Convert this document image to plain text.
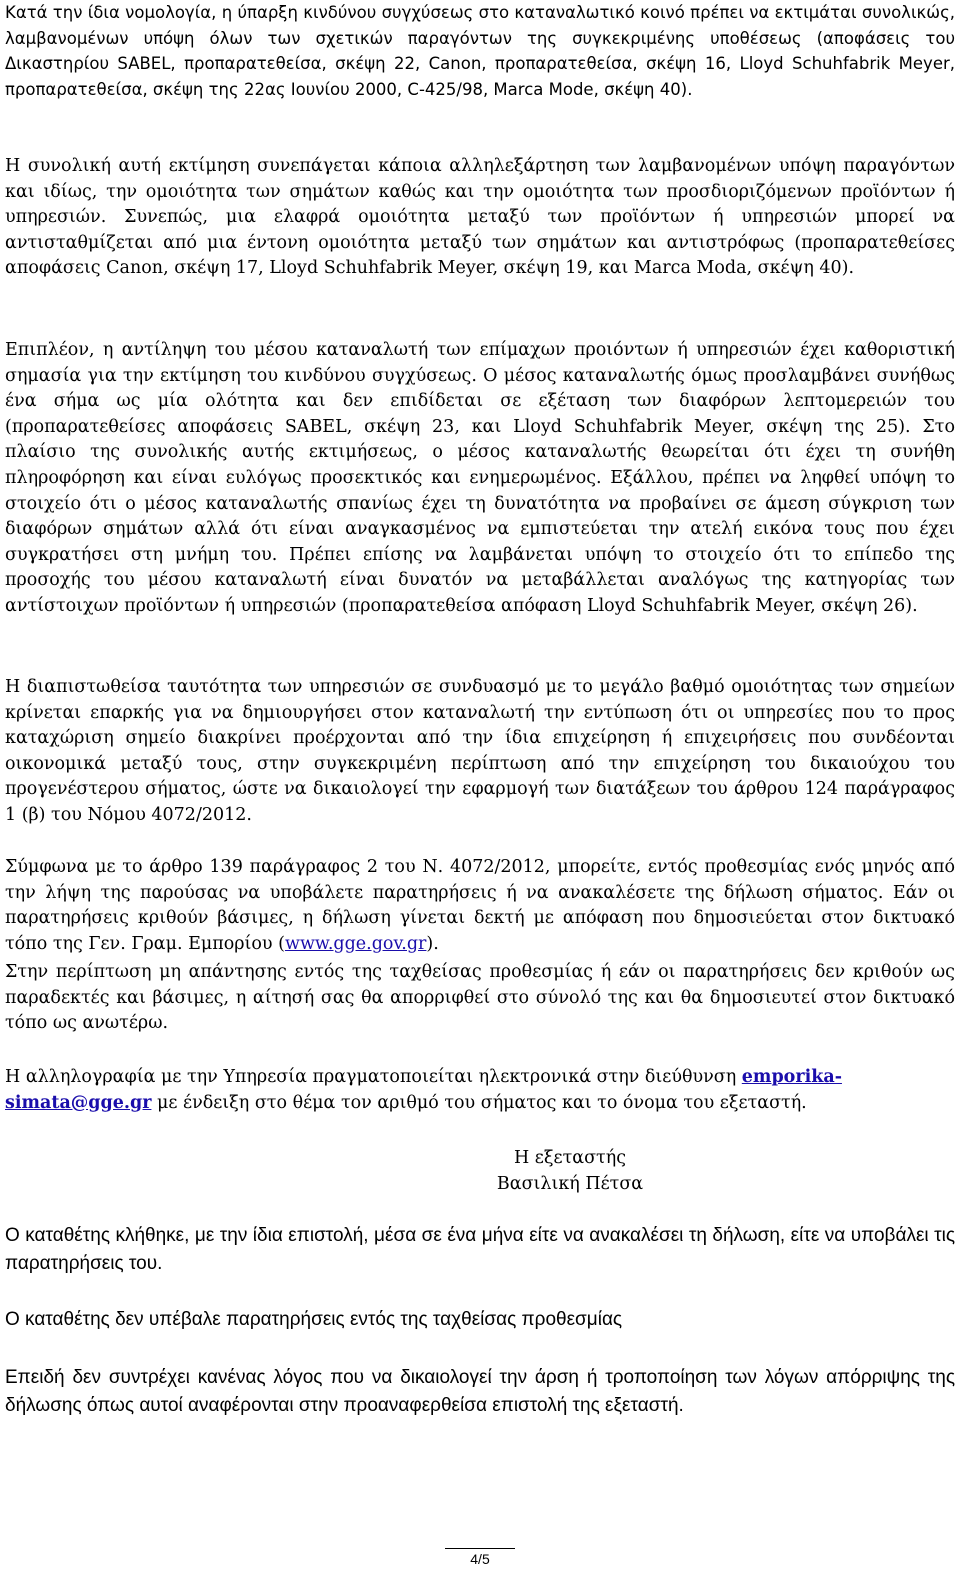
Κατά την ίδια νομολογία, η ύπαρξη κινδύνου συγχύσεως στο καταναλωτικό κοινό πρέπει να εκτιμάται συνολικώς, λαμβανομένων υπόψη όλων των σχετικών παραγόντων της συγκεκριμένης υποθέσεως (αποφάσεις του Δικαστηρίου SABEL, προπαρατεθείσα, σκέψη 22, Canon, προπαρατεθείσα, σκέψη 16, Lloyd Schuhfabrik Meyer, προπαρατεθείσα, σκέψη της 22ας Ιουνίου 2000, C-425/98, Marca Mode, σκέψη 40).

Η συνολική αυτή εκτίμηση συνεπάγεται κάποια αλληλεξάρτηση των λαμβανομένων υπόψη παραγόντων και ιδίως, την ομοιότητα των σημάτων καθώς και την ομοιότητα των προσδιοριζόμενων προϊόντων ή υπηρεσιών. Συνεπώς, μια ελαφρά ομοιότητα μεταξύ των προϊόντων ή υπηρεσιών μπορεί να αντισταθμίζεται από μια έντονη ομοιότητα μεταξύ των σημάτων και αντιστρόφως (προπαρατεθείσες αποφάσεις Canon, σκέψη 17, Lloyd Schuhfabrik Meyer, σκέψη 19, και Marca Moda, σκέψη 40).

Επιπλέον, η αντίληψη του μέσου καταναλωτή των επίμαχων προιόντων ή υπηρεσιών έχει καθοριστική σημασία για την εκτίμηση του κινδύνου συγχύσεως. Ο μέσος καταναλωτής όμως προσλαμβάνει συνήθως ένα σήμα ως μία ολότητα και δεν επιδίδεται σε εξέταση των διαφόρων λεπτομερειών του (προπαρατεθείσες αποφάσεις SABEL, σκέψη 23, και Lloyd Schuhfabrik Meyer, σκέψη της 25). Στο πλαίσιο της συνολικής αυτής εκτιμήσεως, ο μέσος καταναλωτής θεωρείται ότι έχει τη συνήθη πληροφόρηση και είναι ευλόγως προσεκτικός και ενημερωμένος. Εξάλλου, πρέπει να ληφθεί υπόψη το στοιχείο ότι ο μέσος καταναλωτής σπανίως έχει τη δυνατότητα να προβαίνει σε άμεση σύγκριση των διαφόρων σημάτων αλλά ότι είναι αναγκασμένος να εμπιστεύεται την ατελή εικόνα τους που έχει συγκρατήσει στη μνήμη του. Πρέπει επίσης να λαμβάνεται υπόψη το στοιχείο ότι το επίπεδο της προσοχής του μέσου καταναλωτή είναι δυνατόν να μεταβάλλεται αναλόγως της κατηγορίας των αντίστοιχων προϊόντων ή υπηρεσιών (προπαρατεθείσα απόφαση Lloyd Schuhfabrik Meyer, σκέψη 26).

Η διαπιστωθείσα ταυτότητα των υπηρεσιών σε συνδυασμό με το μεγάλο βαθμό ομοιότητας των σημείων κρίνεται επαρκής για να δημιουργήσει στον καταναλωτή την εντύπωση ότι οι υπηρεσίες που το προς καταχώριση σημείο διακρίνει προέρχονται από την ίδια επιχείρηση ή επιχειρήσεις που συνδέονται οικονομικά μεταξύ τους, στην συγκεκριμένη περίπτωση από την επιχείρηση του δικαιούχου του προγενέστερου σήματος, ώστε να δικαιολογεί την εφαρμογή των διατάξεων του άρθρου 124 παράγραφος 1 (β) του Νόμου 4072/2012.

Σύμφωνα με το άρθρο 139 παράγραφος 2 του Ν. 4072/2012, μπορείτε, εντός προθεσμίας ενός μηνός από την λήψη της παρούσας να υποβάλετε παρατηρήσεις ή να ανακαλέσετε της δήλωση σήματος. Εάν οι παρατηρήσεις κριθούν βάσιμες, η δήλωση γίνεται δεκτή με απόφαση που δημοσιεύεται στον δικτυακό τόπο της Γεν. Γραμ. Εμπορίου (www.gge.gov.gr).

Στην περίπτωση μη απάντησης εντός της ταχθείσας προθεσμίας ή εάν οι παρατηρήσεις δεν κριθούν ως παραδεκτές και βάσιμες, η αίτησή σας θα απορριφθεί στο σύνολό της και θα δημοσιευτεί στον δικτυακό τόπο ως ανωτέρω.

Η αλληλογραφία με την Υπηρεσία πραγματοποιείται ηλεκτρονικά στην διεύθυνση emporika-
simata@gge.gr με ένδειξη στο θέμα τον αριθμό του σήματος και το όνομα του εξεταστή.

Η εξεταστής
Βασιλική Πέτσα

Ο καταθέτης κλήθηκε, με την ίδια επιστολή, μέσα σε ένα μήνα είτε να ανακαλέσει τη δήλωση, είτε να υποβάλει τις παρατηρήσεις του.

Ο καταθέτης δεν υπέβαλε παρατηρήσεις εντός της ταχθείσας προθεσμίας

Επειδή δεν συντρέχει κανένας λόγος που να δικαιολογεί την άρση ή τροποποίηση των λόγων απόρριψης της δήλωσης όπως αυτοί αναφέρονται στην προαναφερθείσα επιστολή της εξεταστή.

4/5
